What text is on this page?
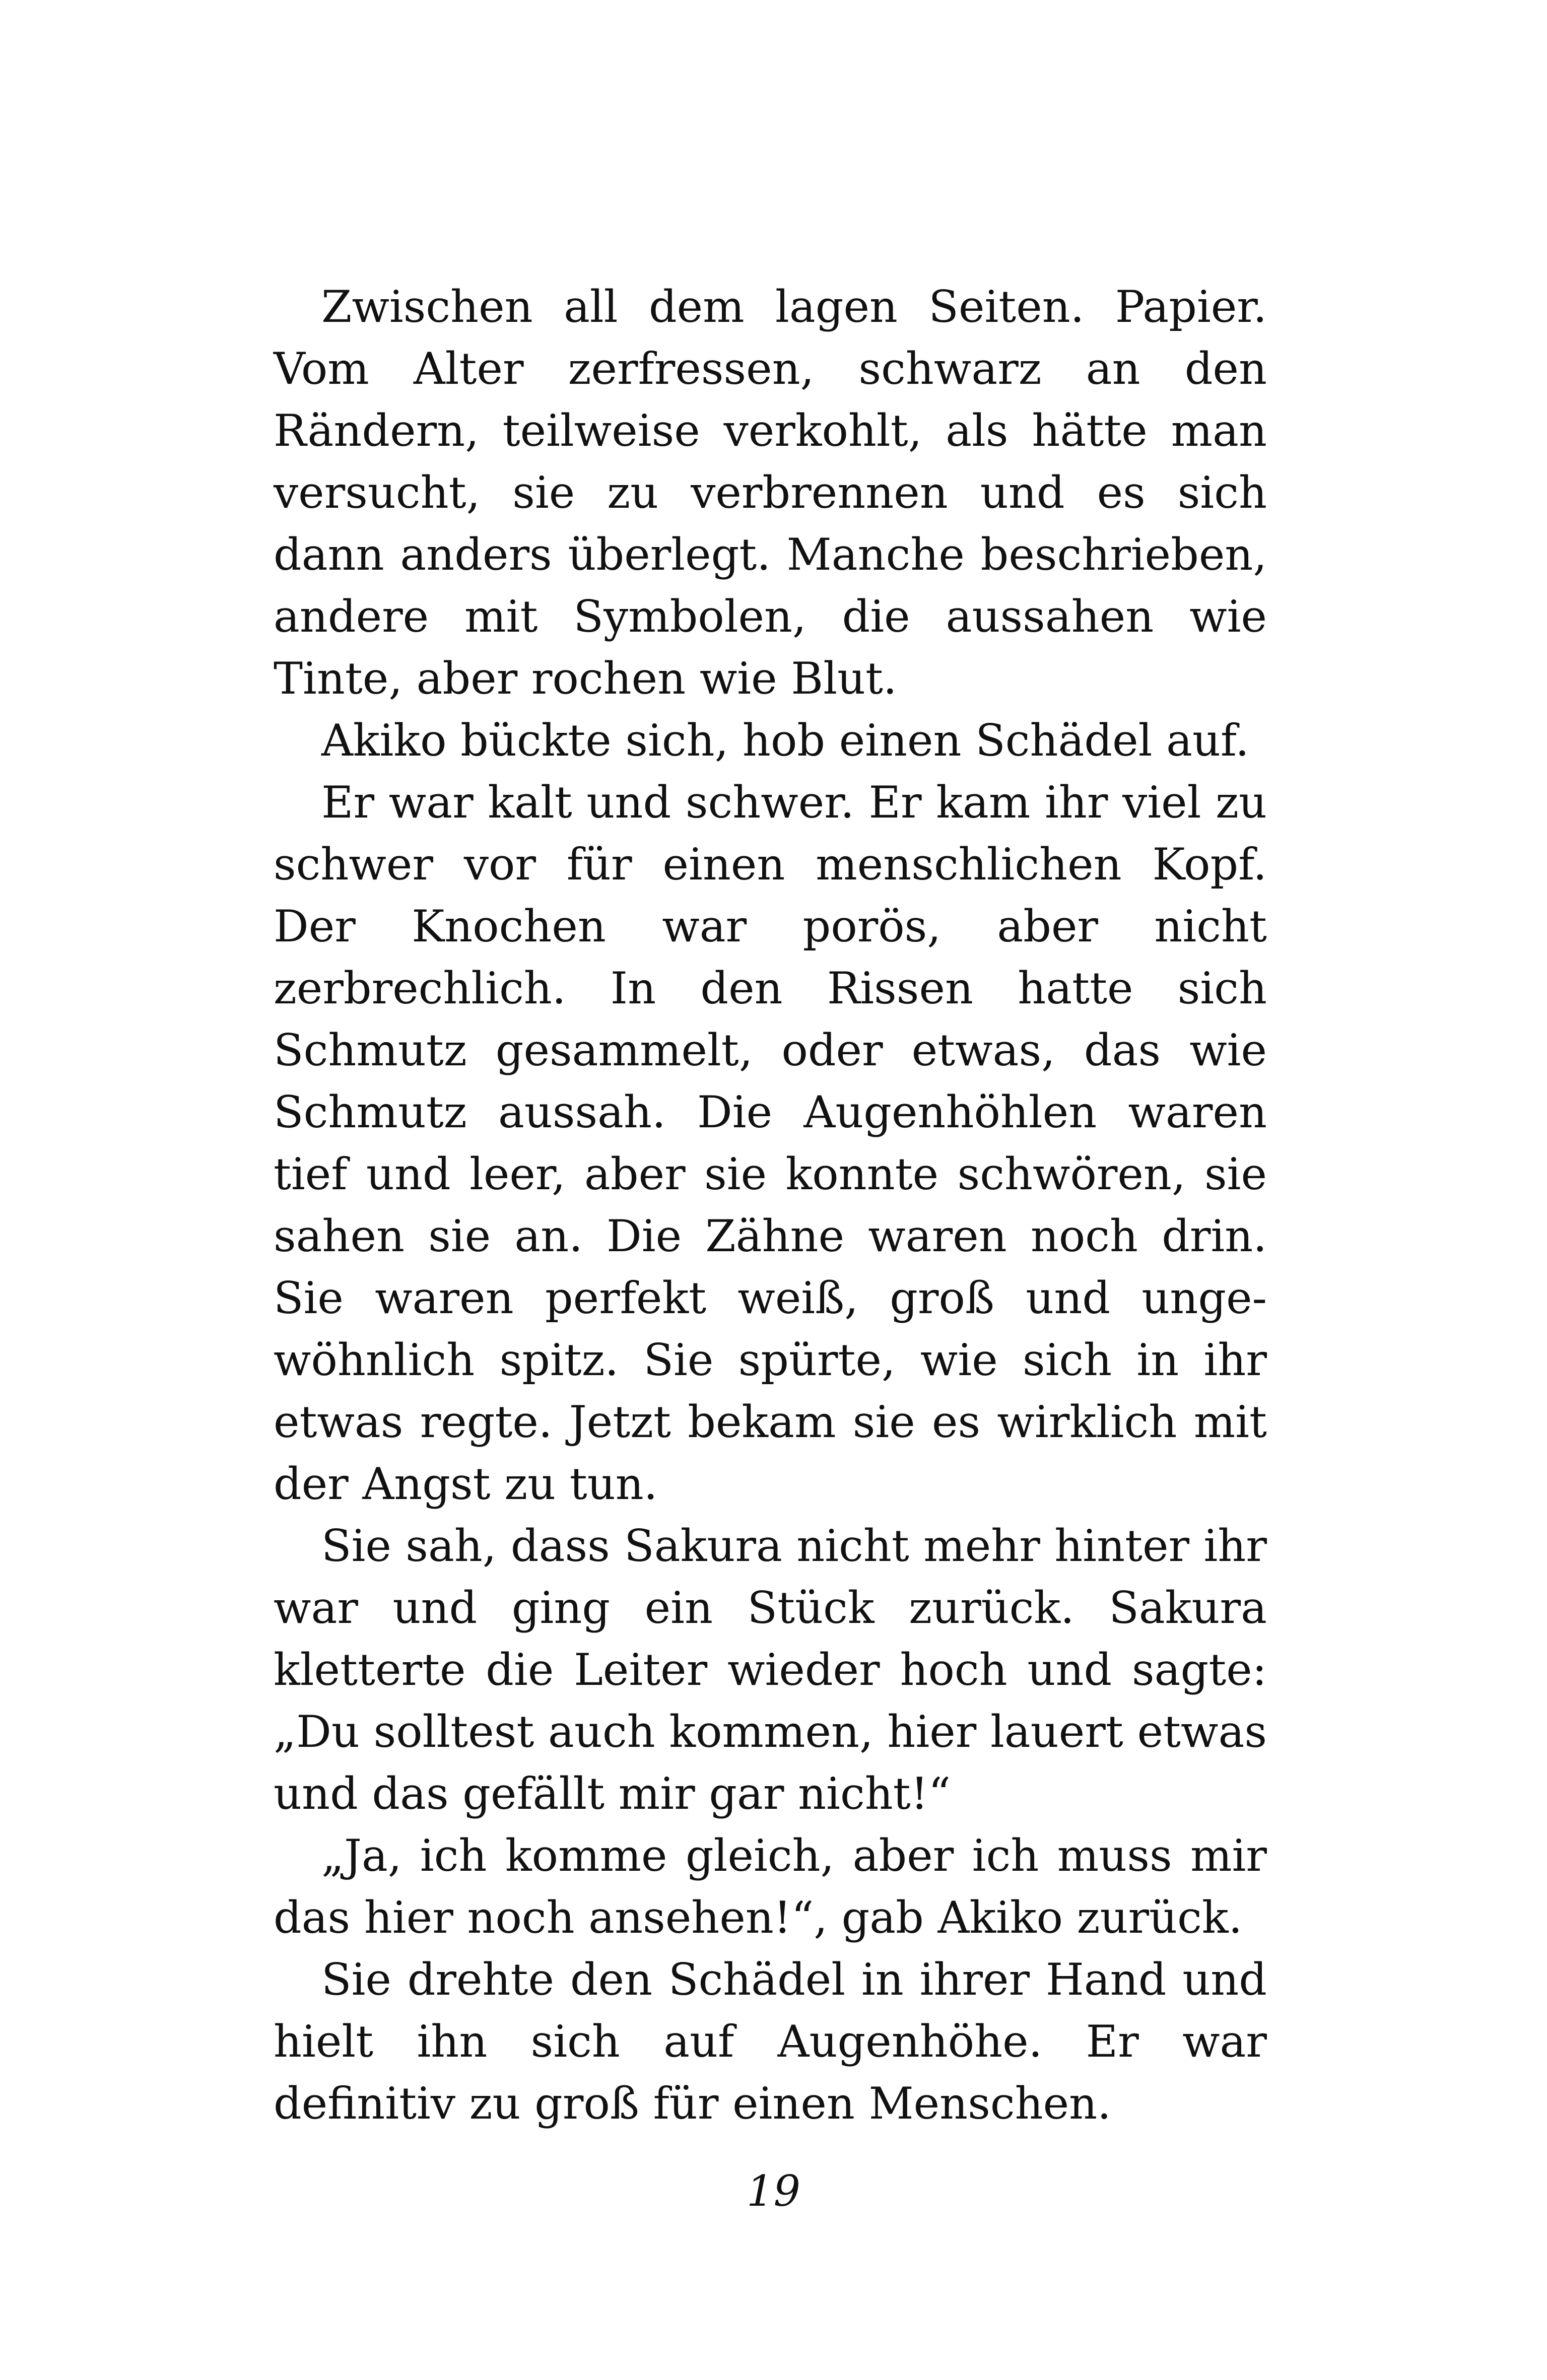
Zwischen all dem lagen Seiten. Papier. Vom Alter zerfressen, schwarz an den Rändern, teilweise verkohlt, als hätte man versucht, sie zu verbrennen und es sich dann anders überlegt. Manche beschrieben, andere mit Symbolen, die aussahen wie Tinte, aber rochen wie Blut.

Akiko bückte sich, hob einen Schädel auf.

Er war kalt und schwer. Er kam ihr viel zu schwer vor für einen menschlichen Kopf. Der Knochen war porös, aber nicht zerbrechlich. In den Rissen hatte sich Schmutz gesammelt, oder etwas, das wie Schmutz aussah. Die Augenhöhlen waren tief und leer, aber sie konnte schwören, sie sahen sie an. Die Zähne waren noch drin. Sie waren perfekt weiß, groß und ungewöhnlich spitz. Sie spürte, wie sich in ihr etwas regte. Jetzt bekam sie es wirklich mit der Angst zu tun.

Sie sah, dass Sakura nicht mehr hinter ihr war und ging ein Stück zurück. Sakura kletterte die Leiter wieder hoch und sagte: „Du solltest auch kommen, hier lauert etwas und das gefällt mir gar nicht!“

„Ja, ich komme gleich, aber ich muss mir das hier noch ansehen!“, gab Akiko zurück.

Sie drehte den Schädel in ihrer Hand und hielt ihn sich auf Augenhöhe. Er war definitiv zu groß für einen Menschen.

19
